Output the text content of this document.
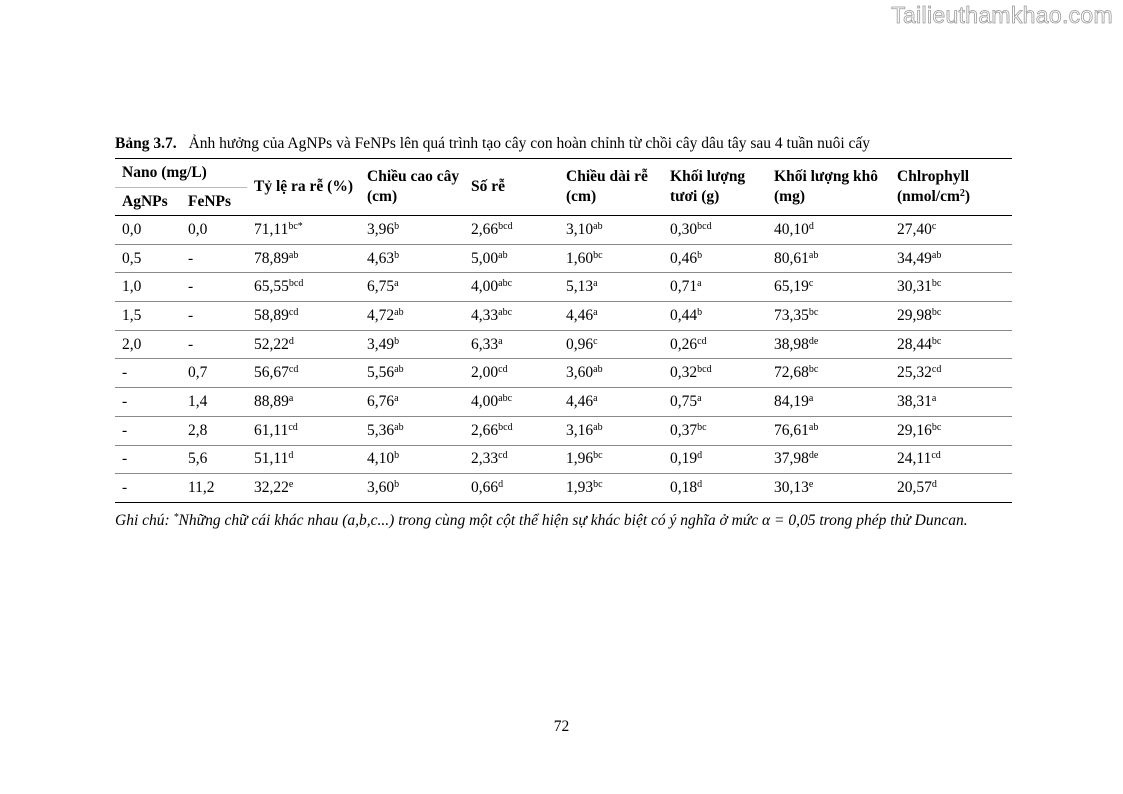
Tailieuthamkhao.com
Bảng 3.7. Ảnh hưởng của AgNPs và FeNPs lên quá trình tạo cây con hoàn chỉnh từ chồi cây dâu tây sau 4 tuần nuôi cấy
Nano (mg/L)		Tỷ lệ ra rễ (%)	Chiều cao cây (cm)	Số rễ	Chiều dài rễ (cm)	Khối lượng tươi (g)	Khối lượng khô (mg)	Chlrophyll $(nmol/cm^2)$
AgNPs	FeNPs							
0,0	0,0	$71,11^{bc*}$	3,96$^b$	2,66$^{bcd}$	3,10$^{ab}$	0,30$^{bcd}$	40,10$^d$	27,40$^c$
0,5	-	78,89$^{ab}$	4,63$^b$	5,00$^{ab}$	1,60$^{bc}$	0,46$^b$	80,61$^{ab}$	34,49$^{ab}$
1,0	-	65,55$^{bcd}$	6,75$^a$	4,00$^{abc}$	5,13$^a$	0,71$^a$	65,19$^c$	30,31$^{bc}$
1,5	-	58,89$^{cd}$	4,72$^{ab}$	4,33$^{abc}$	4,46$^a$	0,44$^b$	73,35$^{bc}$	29,98$^{bc}$
2,0	-	52,22$^d$	3,49$^b$	6,33$^a$	0,96$^c$	0,26$^{cd}$	38,98de	28,44$^{bc}$
-	0,7	56,67$^{cd}$	5,56$^{ab}$	2,00$^{cd}$	3,60$^{ab}$	0,32$^{bcd}$	72,68$^{bc}$	25,32$^{cd}$
-	1,4	88,89$^a$	6,76$^a$	4,00$^{abc}$	4,46$^a$	0,75$^a$	84,19$^a$	38,31$^a$
-	2,8	61,11$^{cd}$	5,36$^{ab}$	2,66$^{bcd}$	3,16$^{ab}$	0,37$^{bc}$	76,61$^{ab}$	29,16$^{bc}$
-	5,6	51,11$^d$	4,10$^b$	2,33$^{cd}$	1,96$^{bc}$	0,19$^d$	37,98de	24,11$^{cd}$
-	11,2	32,22e	3,60$^b$	0,66$^d$	1,93$^{bc}$	0,18$^d$	30,13e	20,57$^d$
Ghi chú: *Những chữ cái khác nhau (a,b,c...) trong cùng một cột thể hiện sự khác biệt có ý nghĩa ở mức α = 0,05 trong phép thử Duncan.
72
